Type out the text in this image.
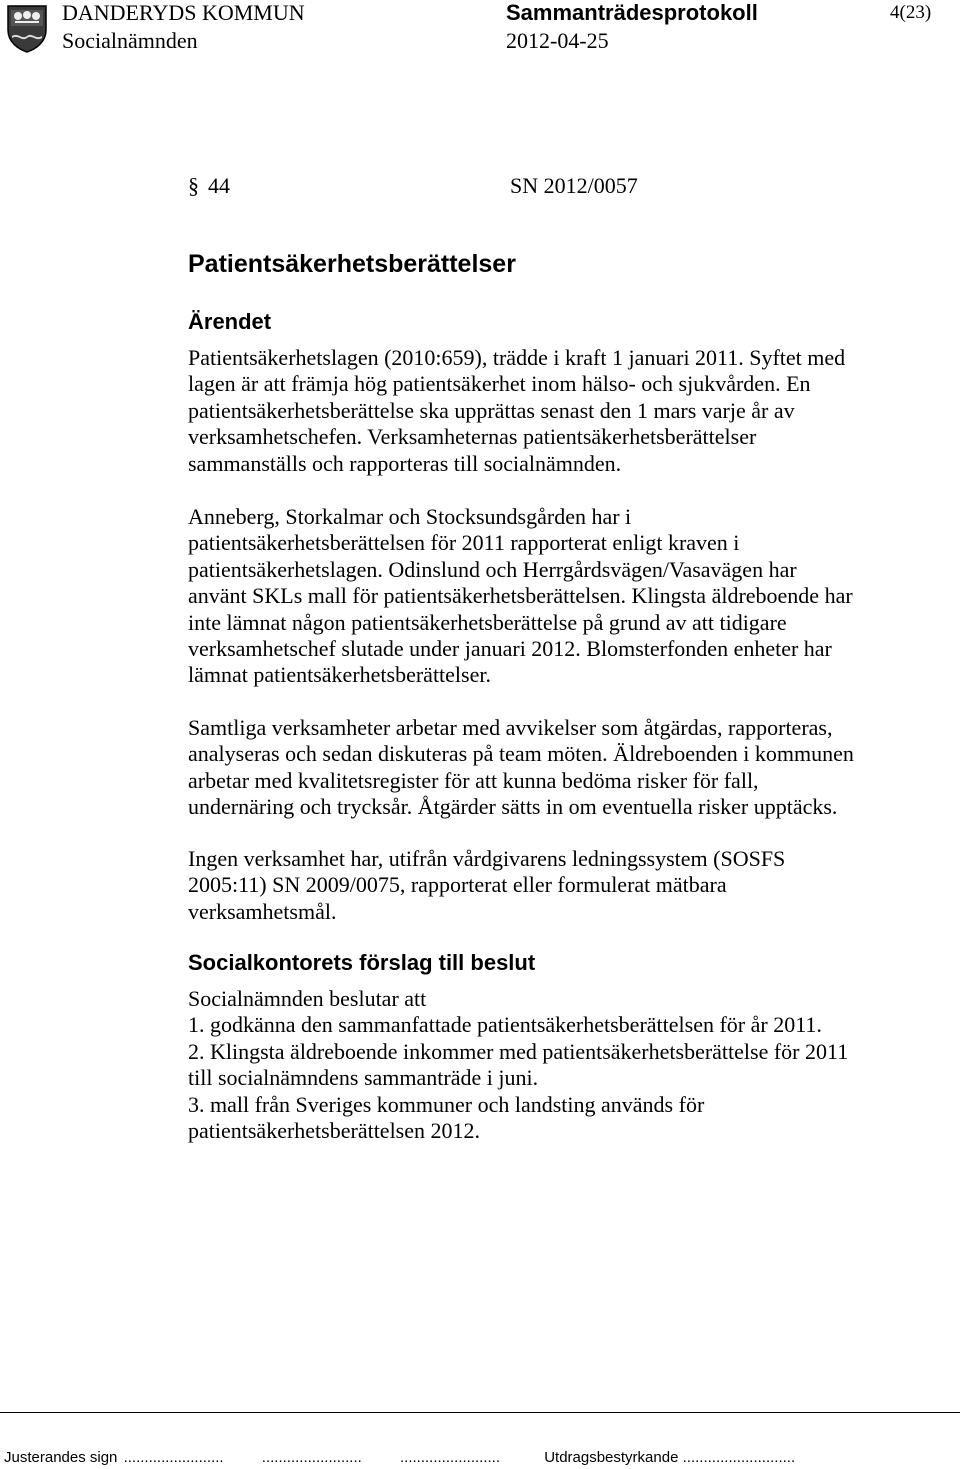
DANDERYDS KOMMUN
Socialnämnden
Sammanträdesprotokoll
2012-04-25
4(23)
§ 44	SN 2012/0057
Patientsäkerhetsberättelser
Ärendet
Patientsäkerhetslagen (2010:659), trädde i kraft 1 januari 2011. Syftet med
lagen är att främja hög patientsäkerhet inom hälso- och sjukvården. En
patientsäkerhetsberättelse ska upprättas senast den 1 mars varje år av
verksamhetschefen. Verksamheternas patientsäkerhetsberättelser
sammanställs och rapporteras till socialnämnden.
Anneberg, Storkalmar och Stocksundsgården har i
patientsäkerhetsberättelsen för 2011 rapporterat enligt kraven i
patientsäkerhetslagen. Odinslund och Herrgårdsvägen/Vasavägen har
använt SKLs mall för patientsäkerhetsberättelsen. Klingsta äldreboende har
inte lämnat någon patientsäkerhetsberättelse på grund av att tidigare
verksamhetschef slutade under januari 2012. Blomsterfonden enheter har
lämnat patientsäkerhetsberättelser.
Samtliga verksamheter arbetar med avvikelser som åtgärdas, rapporteras,
analyseras och sedan diskuteras på team möten. Äldreboenden i kommunen
arbetar med kvalitetsregister för att kunna bedöma risker för fall,
undernäring och trycksår. Åtgärder sätts in om eventuella risker upptäcks.
Ingen verksamhet har, utifrån vårdgivarens ledningssystem (SOSFS
2005:11) SN 2009/0075, rapporterat eller formulerat mätbara
verksamhetsmål.
Socialkontorets förslag till beslut
Socialnämnden beslutar att
1. godkänna den sammanfattade patientsäkerhetsberättelsen för år 2011.
2. Klingsta äldreboende inkommer med patientsäkerhetsberättelse för 2011
till socialnämndens sammanträde i juni.
3. mall från Sveriges kommuner och landsting används för
patientsäkerhetsberättelsen 2012.
Justerandes sign ........................	........................	........................	Utdragsbestyrkande ...........................
